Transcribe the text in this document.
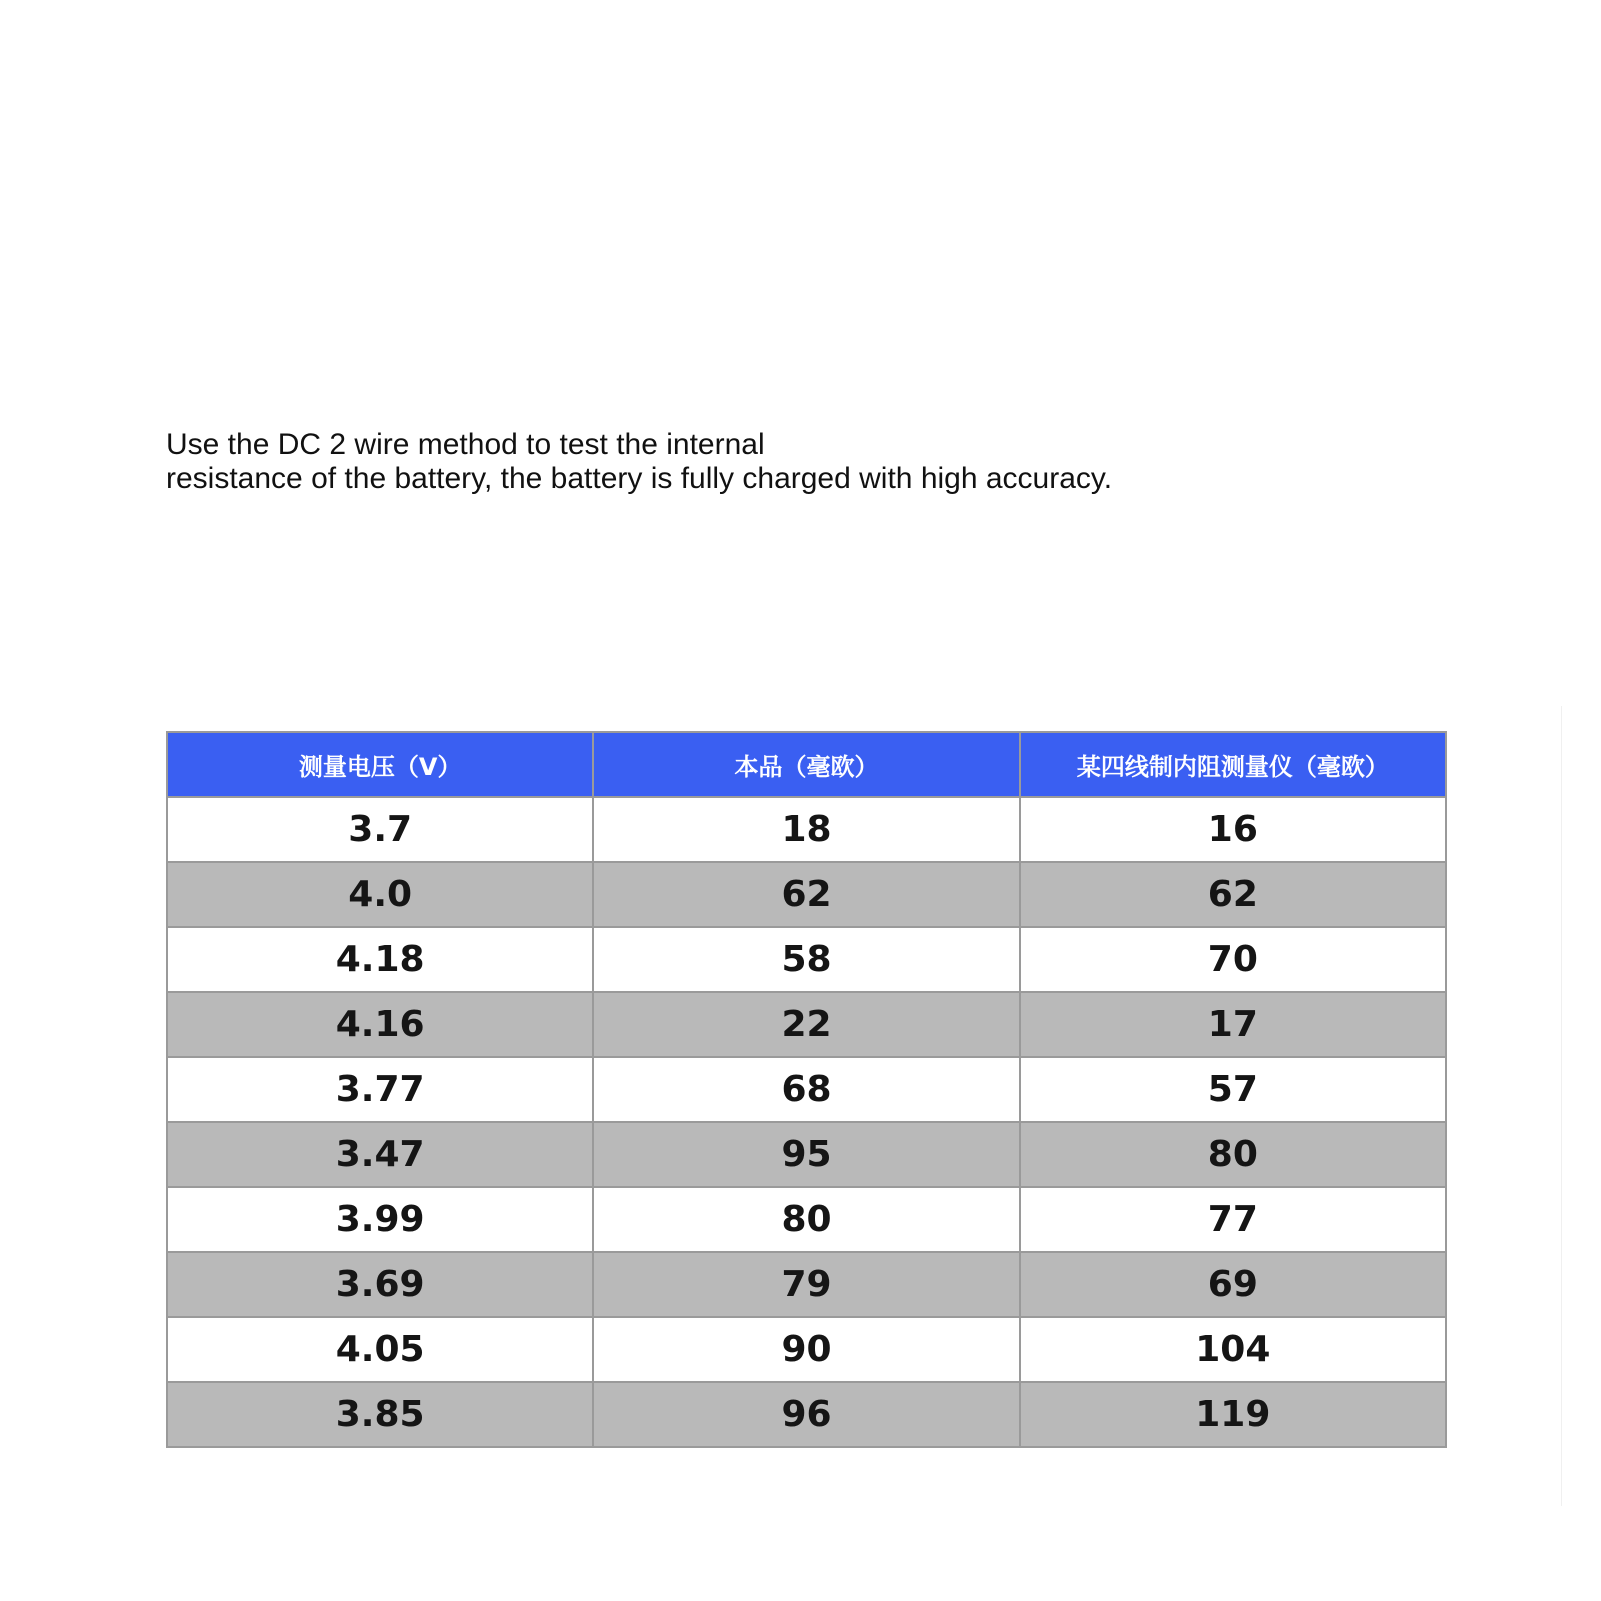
Use the DC 2 wire method to test the internal
resistance of the battery, the battery is fully charged with high accuracy.

测量电压（V）	本品（毫欧）	某四线制内阻测量仪（毫欧）
3.7	18	16
4.0	62	62
4.18	58	70
4.16	22	17
3.77	68	57
3.47	95	80
3.99	80	77
3.69	79	69
4.05	90	104
3.85	96	119
